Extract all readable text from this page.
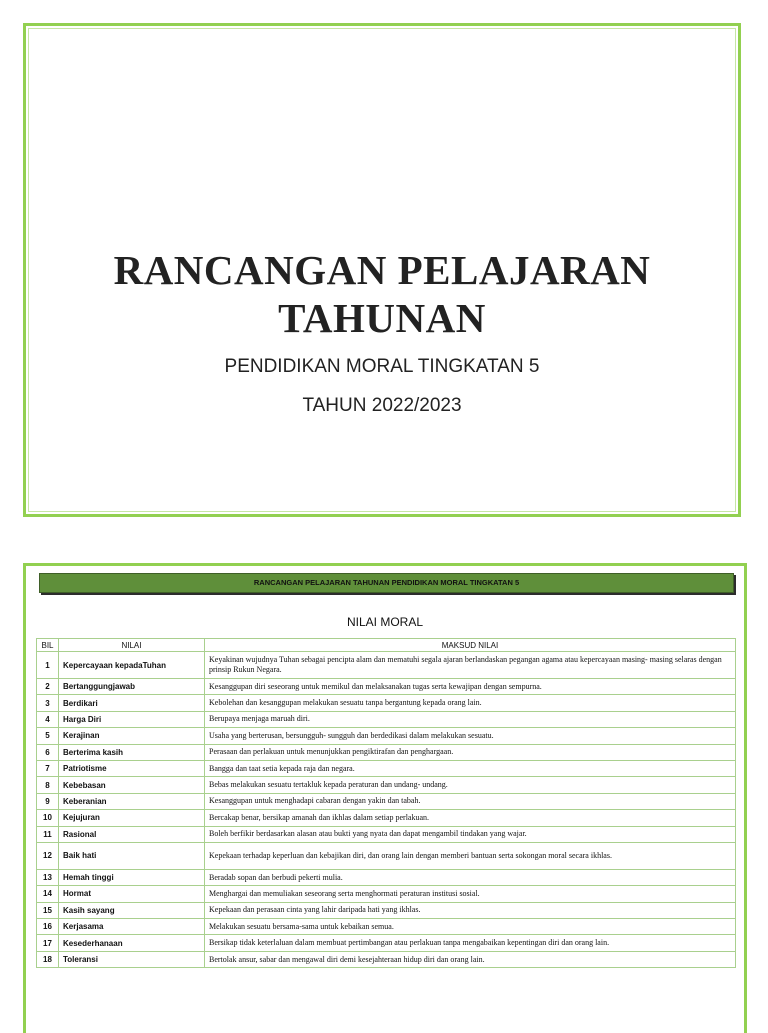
RANCANGAN PELAJARAN
TAHUNAN
PENDIDIKAN MORAL TINGKATAN 5
TAHUN 2022/2023
RANCANGAN PELAJARAN TAHUNAN PENDIDIKAN MORAL TINGKATAN 5
NILAI MORAL
BIL	NILAI	MAKSUD NILAI
1	Kepercayaan kepadaTuhan	Keyakinan wujudnya Tuhan sebagai pencipta alam dan mematuhi segala ajaran berlandaskan pegangan agama atau kepercayaan masing- masing selaras dengan prinsip Rukun Negara.
2	Bertanggungjawab	Kesanggupan diri seseorang untuk memikul dan melaksanakan tugas serta kewajipan dengan sempurna.
3	Berdikari	Kebolehan dan kesanggupan melakukan sesuatu tanpa bergantung kepada orang lain.
4	Harga Diri	Berupaya menjaga maruah diri.
5	Kerajinan	Usaha yang berterusan, bersungguh- sungguh dan berdedikasi dalam melakukan sesuatu.
6	Berterima kasih	Perasaan dan perlakuan untuk menunjukkan pengiktirafan dan penghargaan.
7	Patriotisme	Bangga dan taat setia kepada raja dan negara.
8	Kebebasan	Bebas melakukan sesuatu tertakluk kepada peraturan dan undang- undang.
9	Keberanian	Kesanggupan untuk menghadapi cabaran dengan yakin dan tabah.
10	Kejujuran	Bercakap benar, bersikap amanah dan ikhlas dalam setiap perlakuan.
11	Rasional	Boleh berfikir berdasarkan alasan atau bukti yang nyata dan dapat mengambil tindakan yang wajar.
12	Baik hati	Kepekaan terhadap keperluan dan kebajikan diri, dan orang lain dengan memberi bantuan serta sokongan moral secara ikhlas.
13	Hemah tinggi	Beradab sopan dan berbudi pekerti mulia.
14	Hormat	Menghargai dan memuliakan seseorang serta menghormati peraturan institusi sosial.
15	Kasih sayang	Kepekaan dan perasaan cinta yang lahir daripada hati yang ikhlas.
16	Kerjasama	Melakukan sesuatu bersama-sama untuk kebaikan semua.
17	Kesederhanaan	Bersikap tidak keterlaluan dalam membuat pertimbangan atau perlakuan tanpa mengabaikan kepentingan diri dan orang lain.
18	Toleransi	Bertolak ansur, sabar dan mengawal diri demi kesejahteraan hidup diri dan orang lain.
